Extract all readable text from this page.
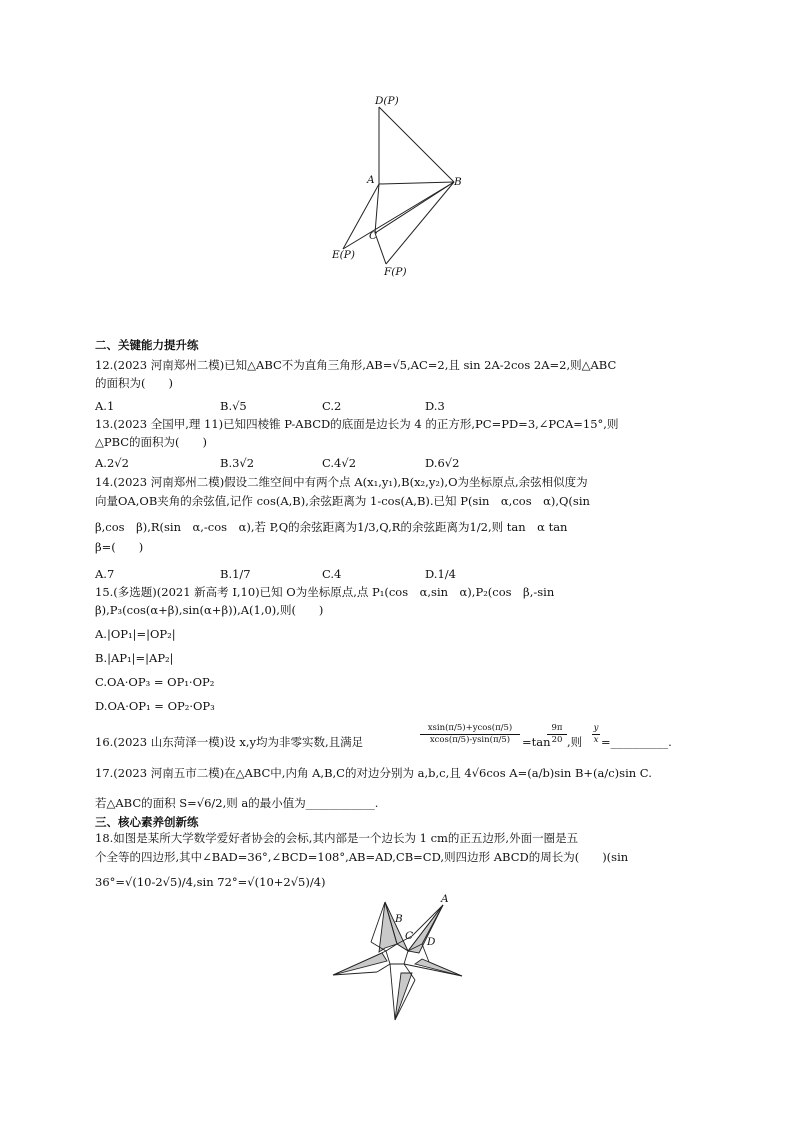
D(P)
A	B
C
E(P)
F(P)
二、关键能力提升练
12.(2023 河南郑州二模)已知△ABC不为直角三角形,AB=√5,AC=2,且 sin 2A-2cos 2A=2,则△ABC
的面积为(　　)
A.1	B.√5	C.2	D.3
13.(2023 全国甲,理 11)已知四棱锥 P-ABCD的底面是边长为 4 的正方形,PC=PD=3,∠PCA=15°,则
△PBC的面积为(　　)
A.2√2	B.3√2	C.4√2	D.6√2
14.(2023 河南郑州二模)假设二维空间中有两个点 A(x₁,y₁),B(x₂,y₂),O为坐标原点,余弦相似度为
向量OA,OB夹角的余弦值,记作 cos(A,B),余弦距离为 1-cos(A,B).已知 P(sin　α,cos　α),Q(sin
β,cos　β),R(sin　α,-cos　α),若 P,Q的余弦距离为1/3,Q,R的余弦距离为1/2,则 tan　α tan
β=(　　)
A.7	B.1/7	C.4	D.1/4
15.(多选题)(2021 新高考 Ⅰ,10)已知 O为坐标原点,点 P₁(cos　α,sin　α),P₂(cos　β,-sin
β),P₃(cos(α+β),sin(α+β)),A(1,0),则(　　)
A.|OP₁|=|OP₂|
B.|AP₁|=|AP₂|
C.OA·OP₃ = OP₁·OP₂
D.OA·OP₁ = OP₂·OP₃
16.(2023 山东菏泽一模)设 x,y均为非零实数,且满足	$\frac{xsin(\pi/5)+ycos(\pi/5)}{xcos(\pi/5)-ysin(\pi/5)} =\tan$
$\frac{9\pi}{20}$ ,则 $\frac{y}{x}$ =__________.
17.(2023 河南五市二模)在△ABC中,内角 A,B,C的对边分别为 a,b,c,且 4√6cos A=(a/b)sin B+(a/c)sin C.
若△ABC的面积 S=√6/2,则 a的最小值为____________.
三、核心素养创新练
18.如图是某所大学数学爱好者协会的会标,其内部是一个边长为 1 cm的正五边形,外面一圈是五
个全等的四边形,其中∠BAD=36°,∠BCD=108°,AB=AD,CB=CD,则四边形 ABCD的周长为(　　)(sin
36°=√(10-2√5)/4,sin 72°=√(10+2√5)/4)
A
B
C D
